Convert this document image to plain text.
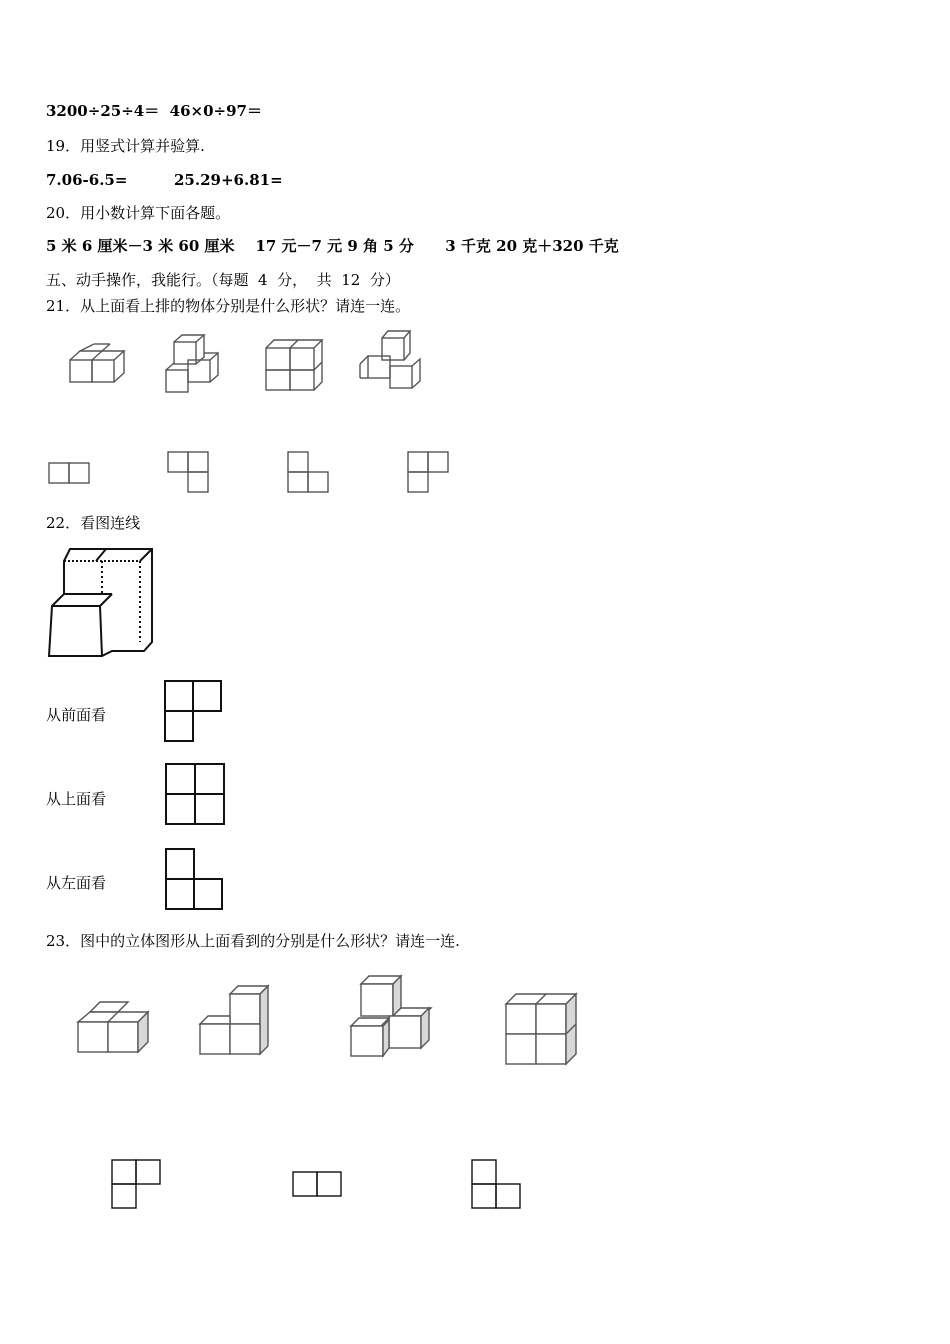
3200÷25÷4＝  46×0÷97＝
19．用竖式计算并验算.
7.06-6.5=	25.29+6.81=
20．用小数计算下面各题。
5 米 6 厘米－3 米 60 厘米    17 元－7 元 9 角 5 分      3 千克 20 克＋320 千克
五、动手操作，我能行。（每题  4  分，  共  12  分）
21．从上面看上排的物体分别是什么形状？请连一连。
22．看图连线
从前面看
从上面看
从左面看
23．图中的立体图形从上面看到的分别是什么形状？请连一连.
